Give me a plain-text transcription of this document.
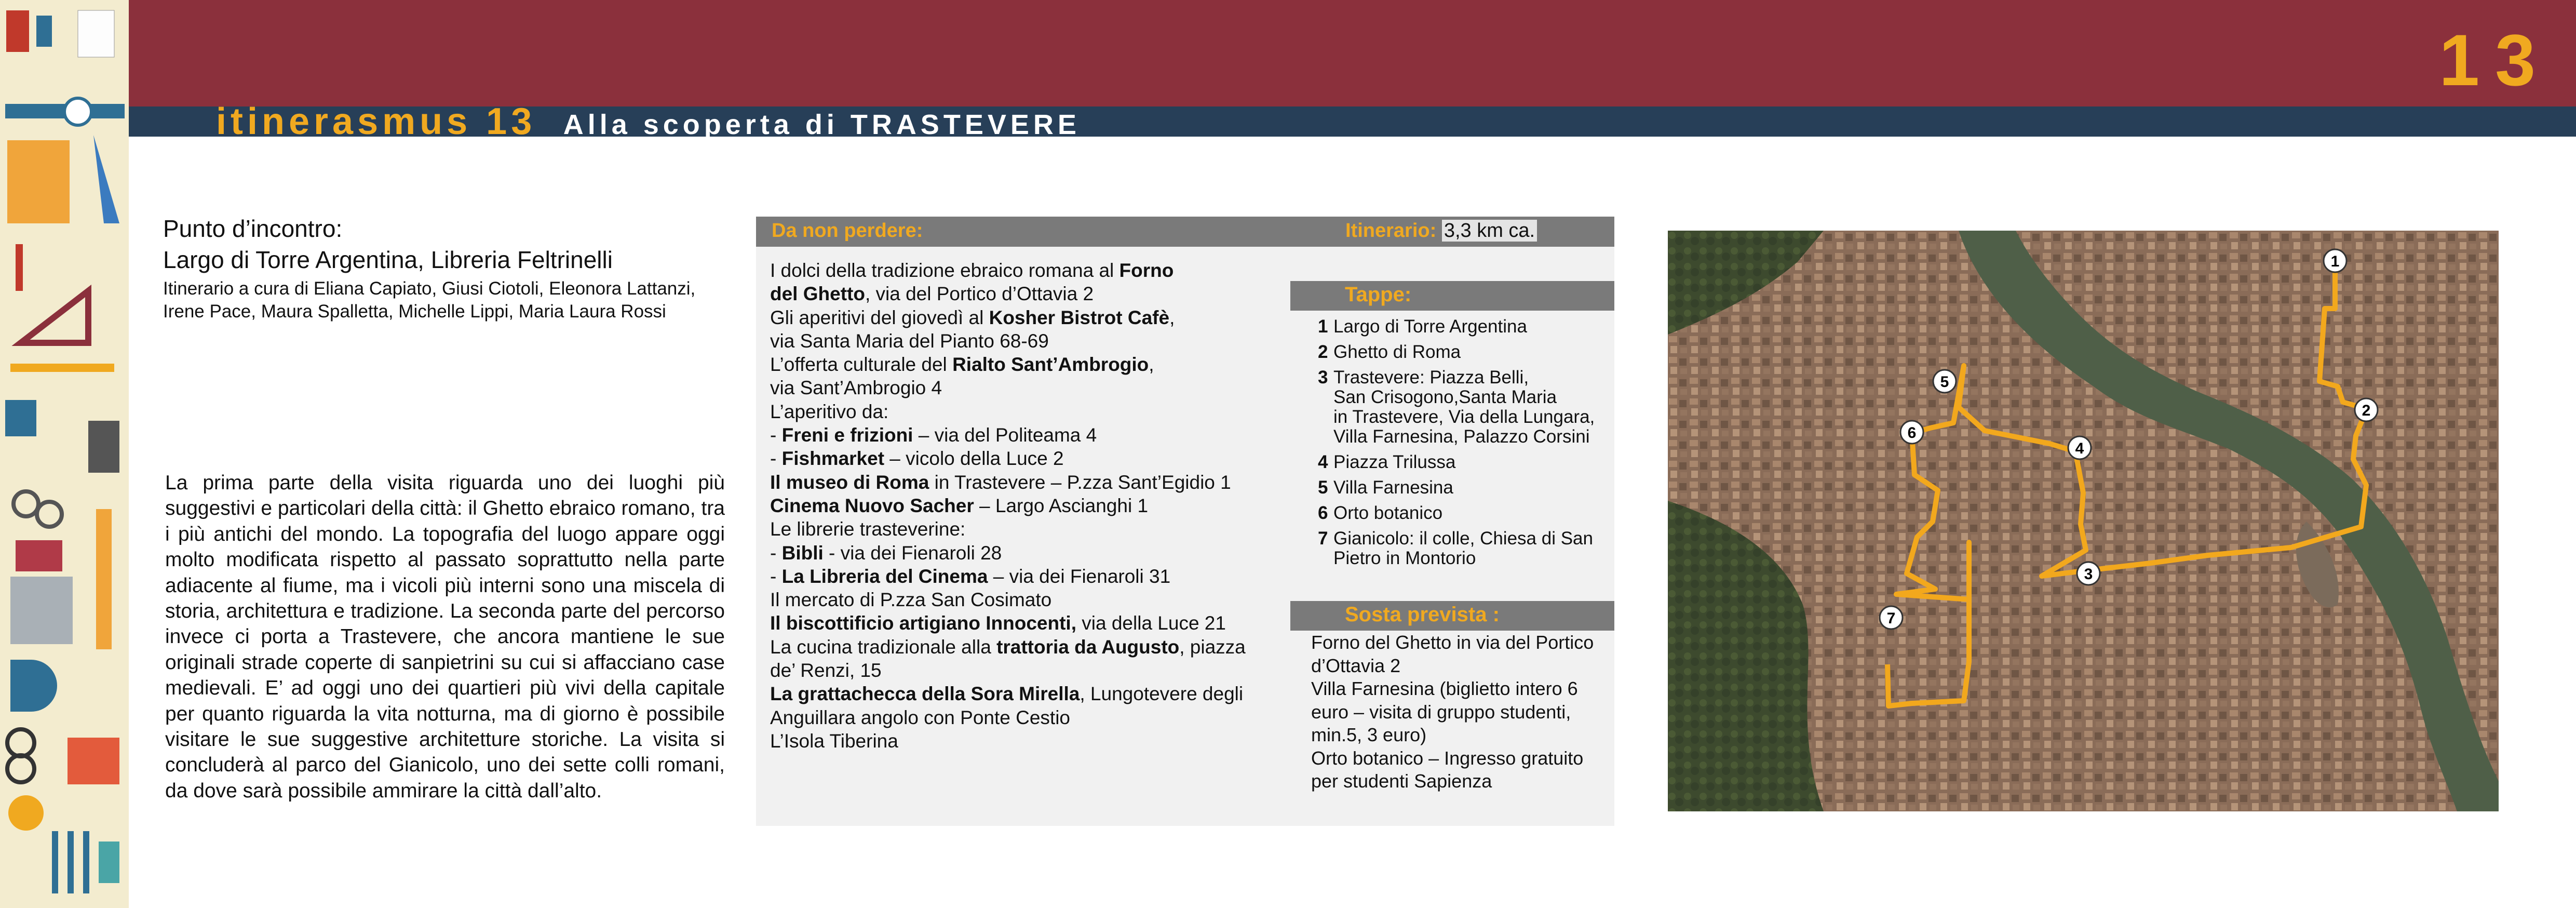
13
itinerasmus 13 Alla scoperta di TRASTEVERE
Punto d’incontro:
Largo di Torre Argentina, Libreria Feltrinelli
Itinerario a cura di Eliana Capiato, Giusi Ciotoli, Eleonora Lattanzi,
Irene Pace, Maura Spalletta, Michelle Lippi, Maria Laura Rossi
La prima parte della visita riguarda uno dei luoghi più suggestivi e particolari della città: il Ghetto ebraico romano, tra i più antichi del mondo. La topografia del luogo appare oggi molto modificata rispetto al passato soprattutto nella parte adiacente al fiume, ma i vicoli più interni sono una miscela di storia, architettura e tradizione. La seconda parte del percorso invece ci porta a Trastevere, che ancora mantiene le sue originali strade coperte di sanpietrini su cui si affacciano case medievali. E’ ad oggi uno dei quartieri più vivi della capitale per quanto riguarda la vita notturna, ma di giorno è possibile visitare le sue suggestive architetture storiche. La visita si concluderà al parco del Gianicolo, uno dei sette colli romani, da dove sarà possibile ammirare la città dall’alto.
Da non perdere:	Itinerario: 3,3 km ca.
I dolci della tradizione ebraico romana al Forno
del Ghetto, via del Portico d’Ottavia 2
Gli aperitivi del giovedì al Kosher Bistrot Cafè,
via Santa Maria del Pianto 68-69
L’offerta culturale del Rialto Sant’Ambrogio,
via Sant’Ambrogio 4
L’aperitivo da:
- Freni e frizioni – via del Politeama 4
- Fishmarket – vicolo della Luce 2
Il museo di Roma in Trastevere – P.zza Sant’Egidio 1
Cinema Nuovo Sacher – Largo Ascianghi 1
Le librerie trasteverine:
- Bibli - via dei Fienaroli 28
- La Libreria del Cinema – via dei Fienaroli 31
Il mercato di P.zza San Cosimato
Il biscottificio artigiano Innocenti, via della Luce 21
La cucina tradizionale alla trattoria da Augusto, piazza
de’ Renzi, 15
La grattachecca della Sora Mirella, Lungotevere degli
Anguillara angolo con Ponte Cestio
L’Isola Tiberina
Tappe:
1 Largo di Torre Argentina
2 Ghetto di Roma
3 Trastevere: Piazza Belli,
San Crisogono,Santa Maria
in Trastevere, Via della Lungara,
Villa Farnesina, Palazzo Corsini
4 Piazza Trilussa
5 Villa Farnesina
6 Orto botanico
7 Gianicolo: il colle, Chiesa di San
Pietro in Montorio
Sosta prevista :
Forno del Ghetto in via del Portico
d’Ottavia 2
Villa Farnesina (biglietto intero 6
euro – visita di gruppo studenti,
min.5, 3 euro)
Orto botanico – Ingresso gratuito
per studenti Sapienza
1
2
3
4
5
6
7
